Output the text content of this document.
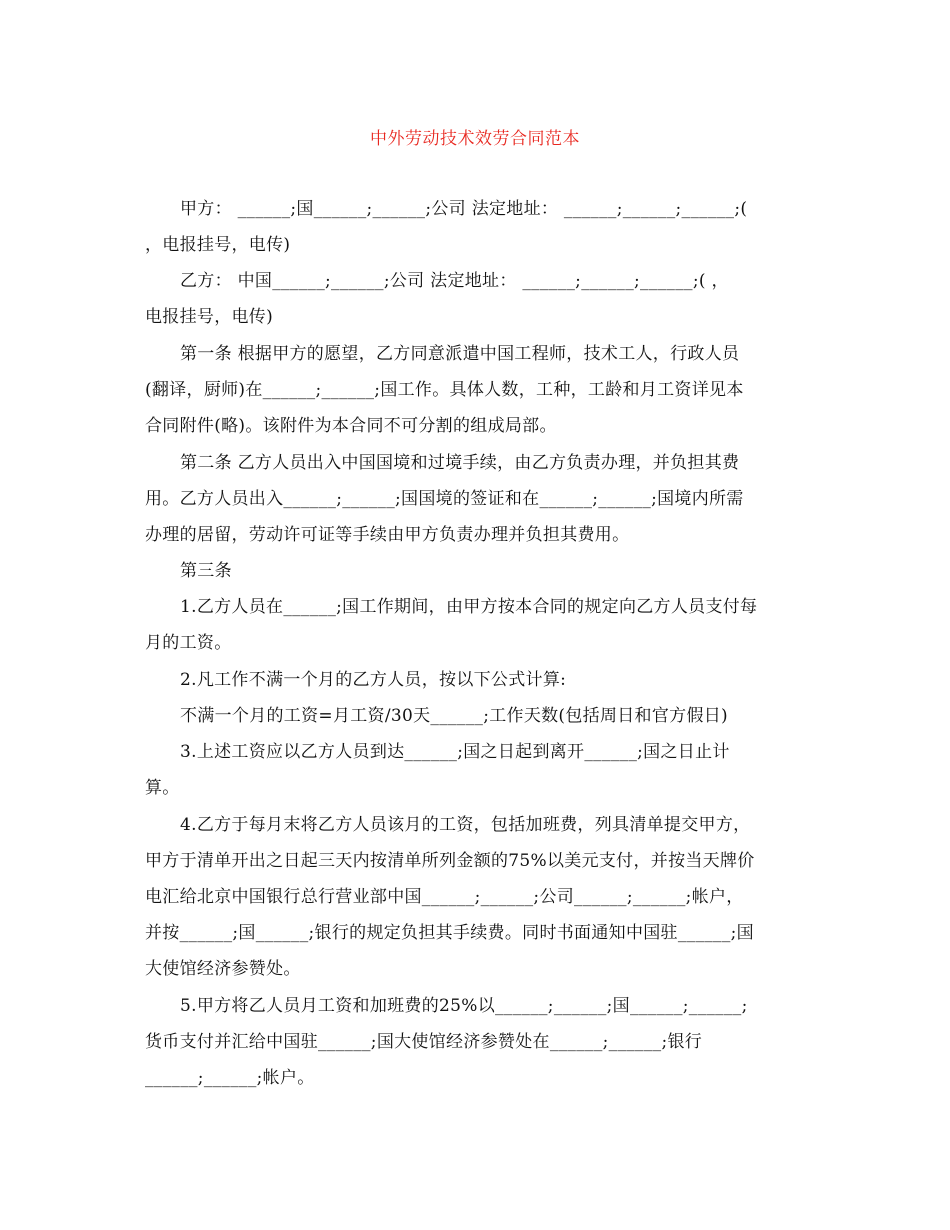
中外劳动技术效劳合同范本
甲方： ______;国______;______;公司 法定地址： ______;______;______;(
，电报挂号，电传)
乙方： 中国______;______;公司 法定地址： ______;______;______;( ，
电报挂号，电传)
第一条 根据甲方的愿望，乙方同意派遣中国工程师，技术工人，行政人员
(翻译，厨师)在______;______;国工作。具体人数，工种，工龄和月工资详见本
合同附件(略)。该附件为本合同不可分割的组成局部。
第二条 乙方人员出入中国国境和过境手续，由乙方负责办理，并负担其费
用。乙方人员出入______;______;国国境的签证和在______;______;国境内所需
办理的居留，劳动许可证等手续由甲方负责办理并负担其费用。
第三条
1.乙方人员在______;国工作期间，由甲方按本合同的规定向乙方人员支付每
月的工资。
2.凡工作不满一个月的乙方人员，按以下公式计算:
不满一个月的工资=月工资/30天______;工作天数(包括周日和官方假日)
3.上述工资应以乙方人员到达______;国之日起到离开______;国之日止计
算。
4.乙方于每月末将乙方人员该月的工资，包括加班费，列具清单提交甲方，
甲方于清单开出之日起三天内按清单所列金额的75%以美元支付，并按当天牌价
电汇给北京中国银行总行营业部中国______;______;公司______;______;帐户，
并按______;国______;银行的规定负担其手续费。同时书面通知中国驻______;国
大使馆经济参赞处。
5.甲方将乙人员月工资和加班费的25%以______;______;国______;______;
货币支付并汇给中国驻______;国大使馆经济参赞处在______;______;银行
______;______;帐户。
